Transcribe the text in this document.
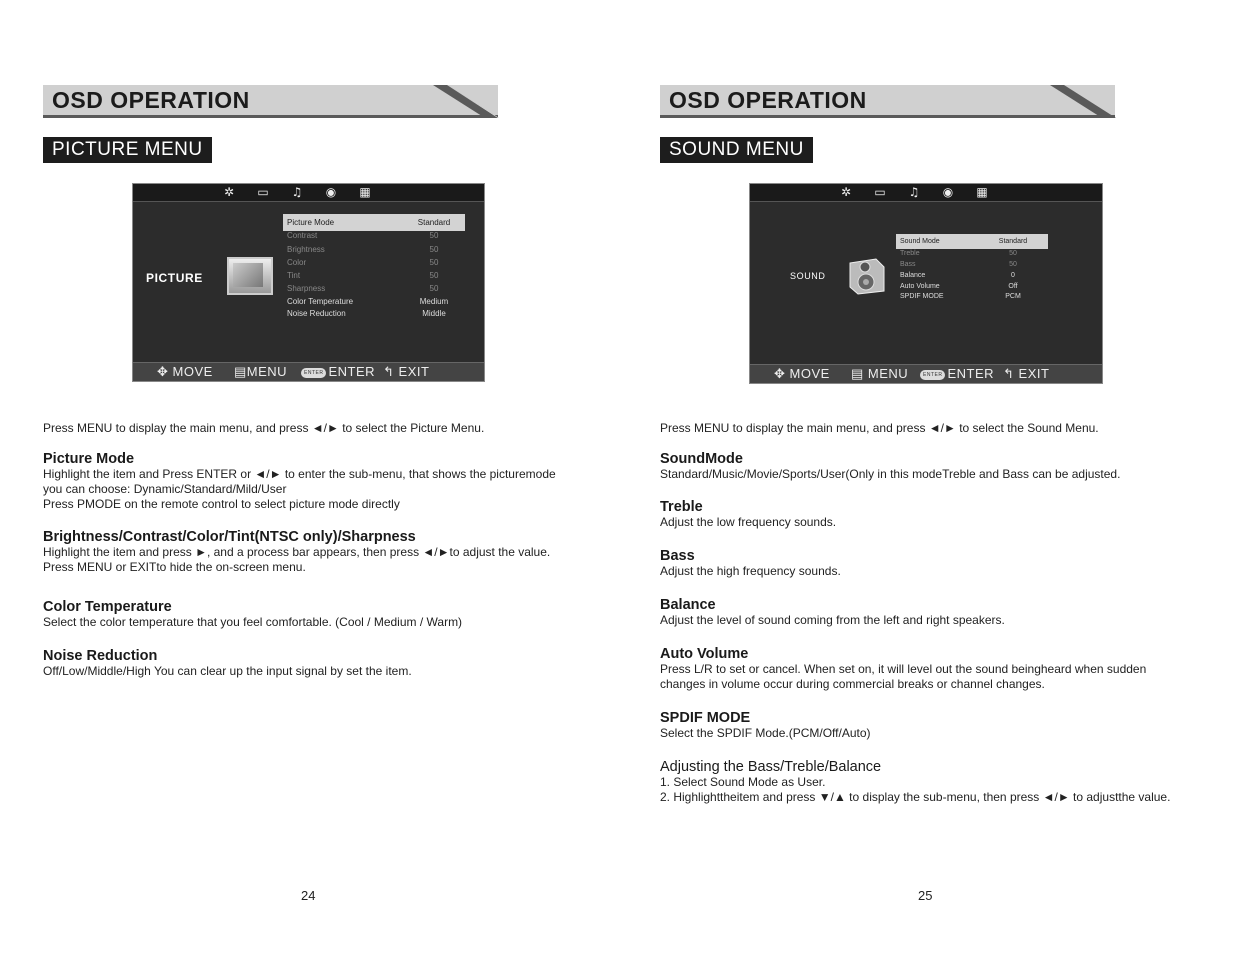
OSD OPERATION
PICTURE MENU
✲	▭	♫	◉	▦
PICTURE
Picture Mode	Standard
Contrast	50
Brightness	50
Color	50
Tint	50
Sharpness	50
Color Temperature	Medium
Noise Reduction	Middle
✥ MOVE ▤MENU	ENTER ENTER ↰ EXIT
Press MENU to display the main menu, and press ◄/► to select the Picture Menu.
Picture Mode

Highlight the item and Press ENTER or ◄/► to enter the sub-menu, that shows the picturemode

you can choose: Dynamic/Standard/Mild/User

Press PMODE on the remote control to select picture mode directly

Brightness/Contrast/Color/Tint(NTSC only)/Sharpness

Highlight the item and press ►, and a process bar appears, then press ◄/►to adjust the value.

Press MENU or EXITto hide the on-screen menu.

Color Temperature

Select the color temperature that you feel comfortable. (Cool / Medium / Warm)

Noise Reduction

Off/Low/Middle/High You can clear up the input signal by set the item.

24
OSD OPERATION
SOUND MENU
✲	▭	♫	◉	▦
SOUND
Sound Mode	Standard
Treble	50
Bass	50
Balance	0
Auto Volume	Off
SPDIF MODE	PCM
✥ MOVE ▤ MENU	ENTER ENTER ↰ EXIT
Press MENU to display the main menu, and press ◄/► to select the Sound Menu.
SoundMode

Standard/Music/Movie/Sports/User(Only in this modeTreble and Bass can be adjusted.

Treble

Adjust the low frequency sounds.

Bass

Adjust the high frequency sounds.

Balance

Adjust the level of sound coming from the left and right speakers.

Auto Volume

Press L/R to set or cancel. When set on, it will level out the sound beingheard when sudden

changes in volume occur during commercial breaks or channel changes.

SPDIF MODE

Select the SPDIF Mode.(PCM/Off/Auto)

Adjusting the Bass/Treble/Balance

1. Select Sound Mode as User.

2. Highlighttheitem and press ▼/▲ to display the sub-menu, then press ◄/► to adjustthe value.

25
